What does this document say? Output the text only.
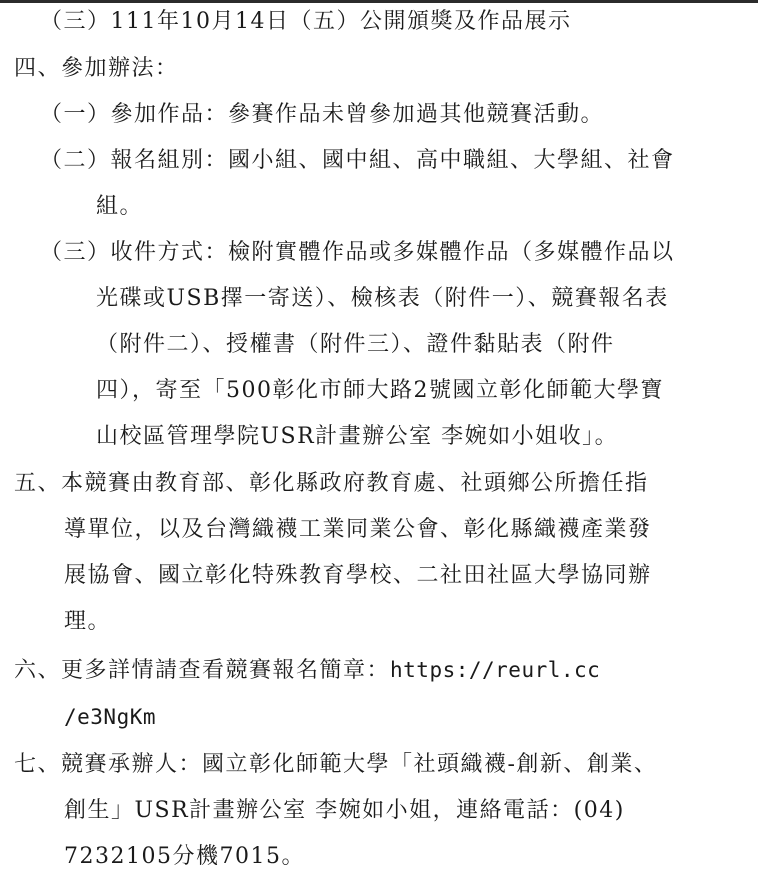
（三）111年10月14日（五）公開頒獎及作品展示
四、參加辦法：
（一）參加作品：參賽作品未曾參加過其他競賽活動。
（二）報名組別：國小組、國中組、高中職組、大學組、社會
組。
（三）收件方式：檢附實體作品或多媒體作品（多媒體作品以
光碟或USB擇一寄送）、檢核表（附件一）、競賽報名表
（附件二）、授權書（附件三）、證件黏貼表（附件
四），寄至「500彰化市師大路2號國立彰化師範大學寶
山校區管理學院USR計畫辦公室 李婉如小姐收」。
五、本競賽由教育部、彰化縣政府教育處、社頭鄉公所擔任指
導單位，以及台灣織襪工業同業公會、彰化縣織襪產業發
展協會、國立彰化特殊教育學校、二社田社區大學協同辦
理。
六、更多詳情請查看競賽報名簡章：https://reurl.cc
/e3NgKm
七、競賽承辦人：國立彰化師範大學「社頭織襪-創新、創業、
創生」USR計畫辦公室 李婉如小姐，連絡電話：(04)
7232105分機7015。
